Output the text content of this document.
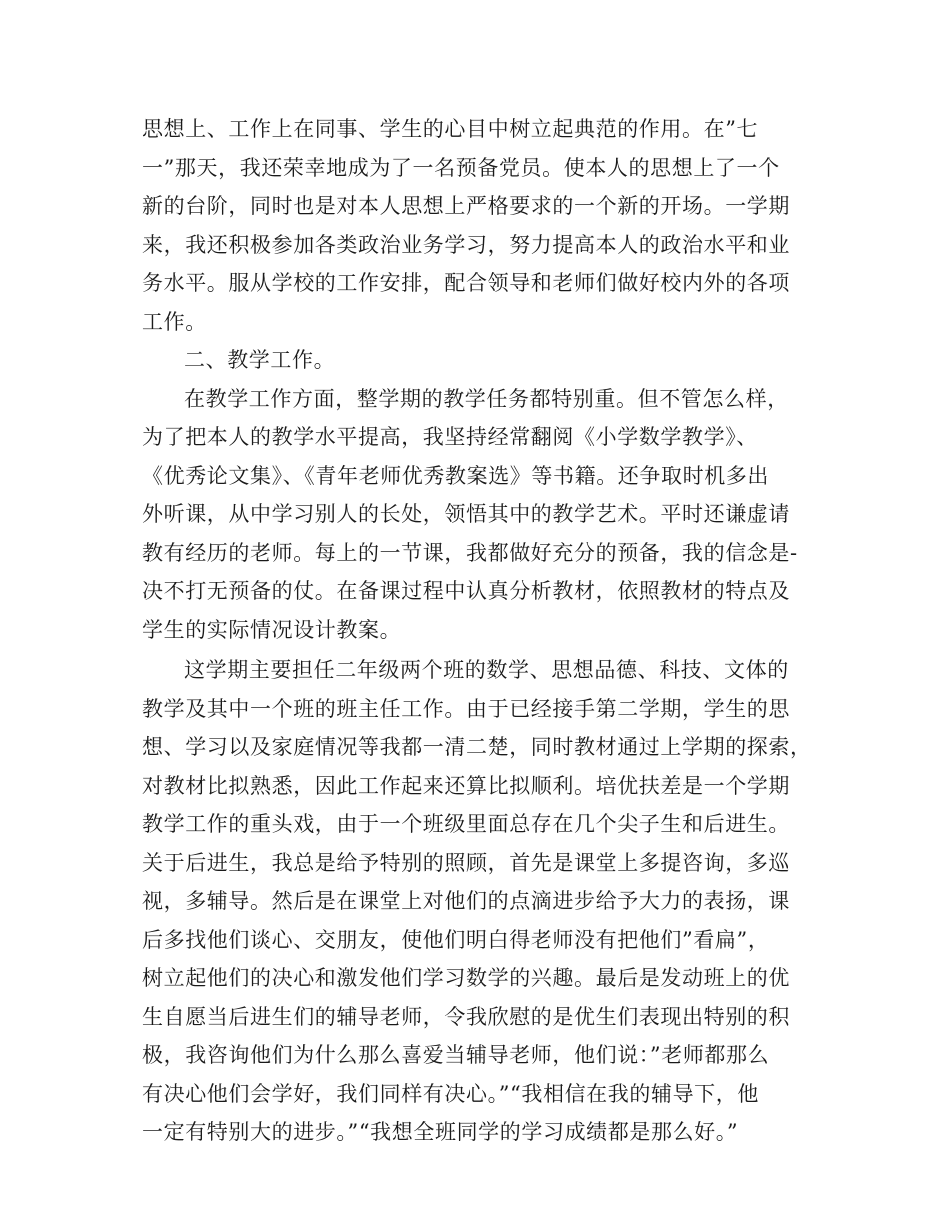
思想上、工作上在同事、学生的心目中树立起典范的作用。在”七
一”那天，我还荣幸地成为了一名预备党员。使本人的思想上了一个
新的台阶，同时也是对本人思想上严格要求的一个新的开场。一学期
来，我还积极参加各类政治业务学习，努力提高本人的政治水平和业
务水平。服从学校的工作安排，配合领导和老师们做好校内外的各项
工作。
二、教学工作。
在教学工作方面，整学期的教学任务都特别重。但不管怎么样，
为了把本人的教学水平提高，我坚持经常翻阅《小学数学教学》、
《优秀论文集》、《青年老师优秀教案选》等书籍。还争取时机多出
外听课，从中学习别人的长处，领悟其中的教学艺术。平时还谦虚请
教有经历的老师。每上的一节课，我都做好充分的预备，我的信念是-
决不打无预备的仗。在备课过程中认真分析教材，依照教材的特点及
学生的实际情况设计教案。
这学期主要担任二年级两个班的数学、思想品德、科技、文体的
教学及其中一个班的班主任工作。由于已经接手第二学期，学生的思
想、学习以及家庭情况等我都一清二楚，同时教材通过上学期的探索，
对教材比拟熟悉，因此工作起来还算比拟顺利。培优扶差是一个学期
教学工作的重头戏，由于一个班级里面总存在几个尖子生和后进生。
关于后进生，我总是给予特别的照顾，首先是课堂上多提咨询，多巡
视，多辅导。然后是在课堂上对他们的点滴进步给予大力的表扬，课
后多找他们谈心、交朋友，使他们明白得老师没有把他们”看扁”，
树立起他们的决心和激发他们学习数学的兴趣。最后是发动班上的优
生自愿当后进生们的辅导老师，令我欣慰的是优生们表现出特别的积
极，我咨询他们为什么那么喜爱当辅导老师，他们说：”老师都那么
有决心他们会学好，我们同样有决心。”“我相信在我的辅导下，他
一定有特别大的进步。”“我想全班同学的学习成绩都是那么好。”
